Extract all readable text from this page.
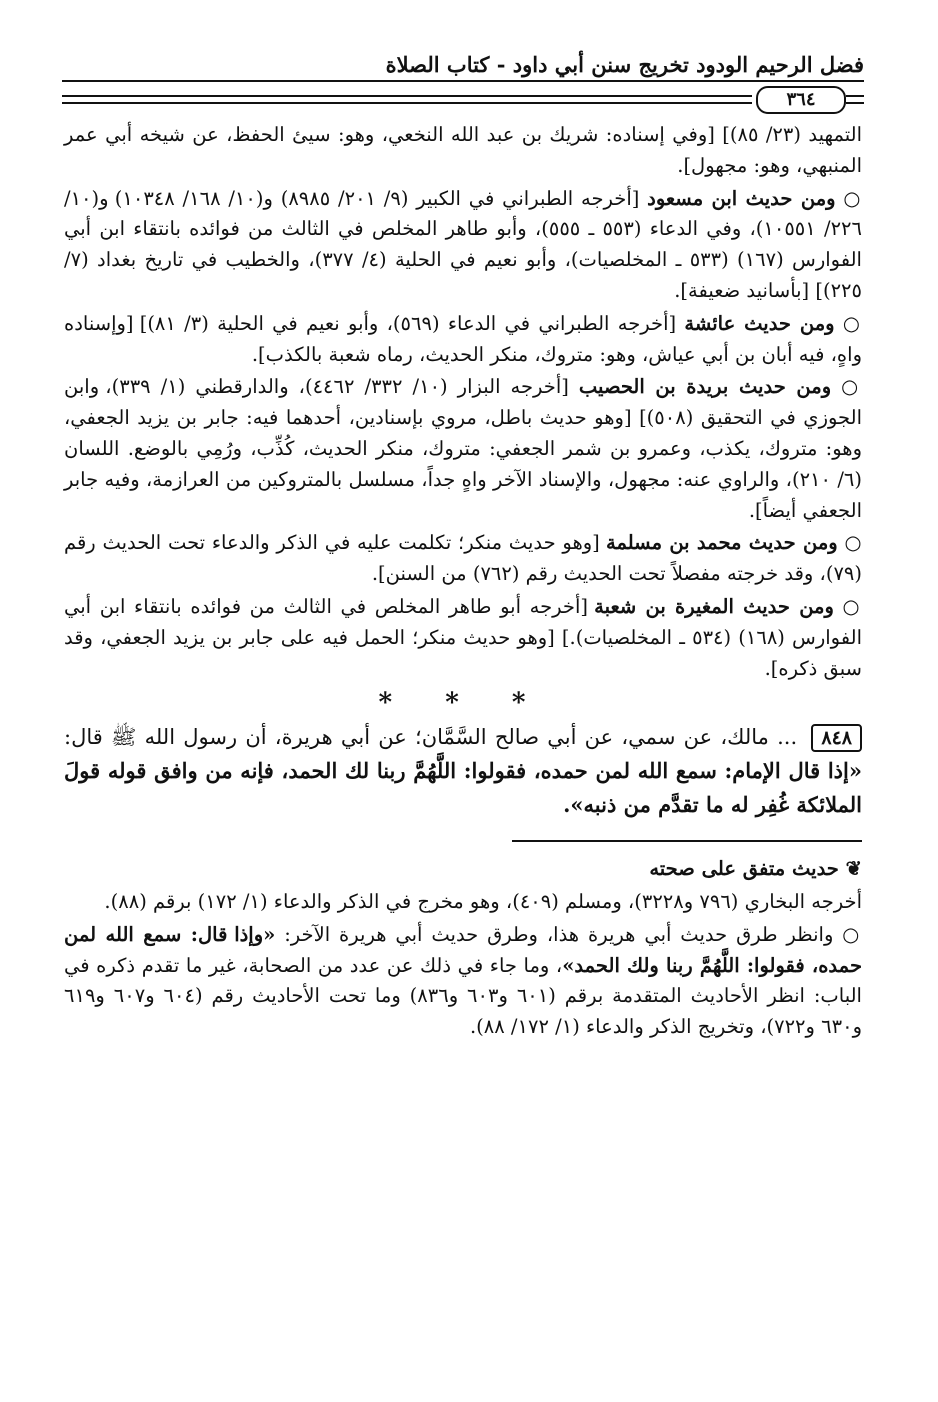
فضل الرحيم الودود تخريج سنن أبي داود - كتاب الصلاة
٣٦٤

التمهيد (٢٣/ ٨٥)] [وفي إسناده: شريك بن عبد الله النخعي، وهو: سيئ الحفظ، عن شيخه أبي عمر المنبهي، وهو: مجهول].

○ ومن حديث ابن مسعود [أخرجه الطبراني في الكبير (٩/ ٢٠١/ ٨٩٨٥) و(١٠/ ١٦٨/ ١٠٣٤٨) و(١٠/ ٢٢٦/ ١٠٥٥١)، وفي الدعاء (٥٥٣ ـ ٥٥٥)، وأبو طاهر المخلص في الثالث من فوائده بانتقاء ابن أبي الفوارس (١٦٧) (٥٣٣ ـ المخلصيات)، وأبو نعيم في الحلية (٤/ ٣٧٧)، والخطيب في تاريخ بغداد (٧/ ٢٢٥)] [بأسانيد ضعيفة].

○ ومن حديث عائشة [أخرجه الطبراني في الدعاء (٥٦٩)، وأبو نعيم في الحلية (٣/ ٨١)] [وإسناده واهٍ، فيه أبان بن أبي عياش، وهو: متروك، منكر الحديث، رماه شعبة بالكذب].

○ ومن حديث بريدة بن الحصيب [أخرجه البزار (١٠/ ٣٣٢/ ٤٤٦٢)، والدارقطني (١/ ٣٣٩)، وابن الجوزي في التحقيق (٥٠٨)] [وهو حديث باطل، مروي بإسنادين، أحدهما فيه: جابر بن يزيد الجعفي، وهو: متروك، يكذب، وعمرو بن شمر الجعفي: متروك، منكر الحديث، كُذِّب، ورُمِي بالوضع. اللسان (٦/ ٢١٠)، والراوي عنه: مجهول، والإسناد الآخر واهٍ جداً، مسلسل بالمتروكين من العرازمة، وفيه جابر الجعفي أيضاً].

○ ومن حديث محمد بن مسلمة [وهو حديث منكر؛ تكلمت عليه في الذكر والدعاء تحت الحديث رقم (٧٩)، وقد خرجته مفصلاً تحت الحديث رقم (٧٦٢) من السنن].

○ ومن حديث المغيرة بن شعبة [أخرجه أبو طاهر المخلص في الثالث من فوائده بانتقاء ابن أبي الفوارس (١٦٨) (٥٣٤ ـ المخلصيات).] [وهو حديث منكر؛ الحمل فيه على جابر بن يزيد الجعفي، وقد سبق ذكره].

* * *

٨٤٨ ... مالك، عن سمي، عن أبي صالح السَّمَّان؛ عن أبي هريرة، أن رسول الله ﷺ قال: «إذا قال الإمام: سمع الله لمن حمده، فقولوا: اللَّهُمَّ ربنا لك الحمد، فإنه من وافق قوله قولَ الملائكة غُفِر له ما تقدَّم من ذنبه».

❦ حديث متفق على صحته

أخرجه البخاري (٧٩٦ و٣٢٢٨)، ومسلم (٤٠٩)، وهو مخرج في الذكر والدعاء (١/ ١٧٢) برقم (٨٨).

○ وانظر طرق حديث أبي هريرة هذا، وطرق حديث أبي هريرة الآخر: «وإذا قال: سمع الله لمن حمده، فقولوا: اللَّهُمَّ ربنا ولك الحمد»، وما جاء في ذلك عن عدد من الصحابة، غير ما تقدم ذكره في الباب: انظر الأحاديث المتقدمة برقم (٦٠١ و٦٠٣ و٨٣٦) وما تحت الأحاديث رقم (٦٠٤ و٦٠٧ و٦١٩ و٦٣٠ و٧٢٢)، وتخريج الذكر والدعاء (١/ ١٧٢/ ٨٨).
